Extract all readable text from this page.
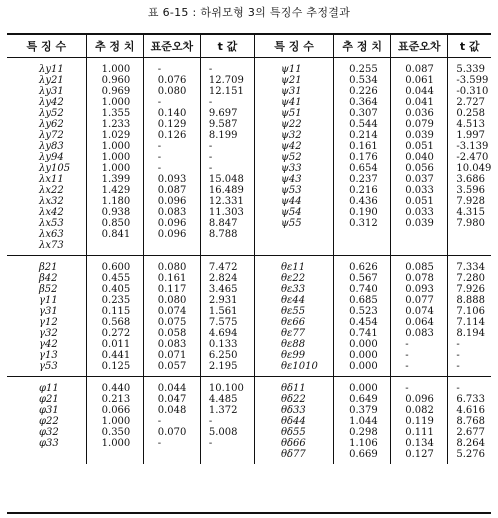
표 6-15 : 하위모형 3의 특징수 추정결과
특 징 수	추 정 치	표준오차	t 값	특 징 수	추 정 치	표준오차	t 값
λy11	1.000	-	-	ψ11	0.255	0.087	5.339
λy21	0.960	0.076	12.709	ψ21	0.534	0.061	-3.599
λy31	0.969	0.080	12.151	ψ31	0.226	0.044	-0.310
λy42	1.000	-	-	ψ41	0.364	0.041	2.727
λy52	1.355	0.140	9.697	ψ51	0.307	0.036	0.258
λy62	1.233	0.129	9.587	ψ22	0.544	0.079	4.513
λy72	1.029	0.126	8.199	ψ32	0.214	0.039	1.997
λy83	1.000	-	-	ψ42	0.161	0.051	-3.139
λy94	1.000	-	-	ψ52	0.176	0.040	-2.470
λy105	1.000	-	-	ψ33	0.654	0.056	10.049
λx11	1.399	0.093	15.048	ψ43	0.237	0.037	3.686
λx22	1.429	0.087	16.489	ψ53	0.216	0.033	3.596
λx32	1.180	0.096	12.331	ψ44	0.436	0.051	7.928
λx42	0.938	0.083	11.303	ψ54	0.190	0.033	4.315
λx53	0.850	0.096	8.847	ψ55	0.312	0.039	7.980
λx63	0.841	0.096	8.788				
λx73							
β21	0.600	0.080	7.472	θε11	0.626	0.085	7.334
β42	0.455	0.161	2.824	θε22	0.567	0.078	7.280
β52	0.405	0.117	3.465	θε33	0.740	0.093	7.926
γ11	0.235	0.080	2.931	θε44	0.685	0.077	8.888
γ31	0.115	0.074	1.561	θε55	0.523	0.074	7.106
γ12	0.568	0.075	7.575	θε66	0.454	0.064	7.114
γ32	0.272	0.058	4.694	θε77	0.741	0.083	8.194
γ42	0.011	0.083	0.133	θε88	0.000	-	-
γ13	0.441	0.071	6.250	θε99	0.000	-	-
γ53	0.125	0.057	2.195	θε1010	0.000	-	-
φ11	0.440	0.044	10.100	θδ11	0.000	-	-
φ21	0.213	0.047	4.485	θδ22	0.649	0.096	6.733
φ31	0.066	0.048	1.372	θδ33	0.379	0.082	4.616
φ22	1.000	-	-	θδ44	1.044	0.119	8.768
φ32	0.350	0.070	5.008	θδ55	0.298	0.111	2.677
φ33	1.000	-	-	θδ66	1.106	0.134	8.264
				θδ77	0.669	0.127	5.276
